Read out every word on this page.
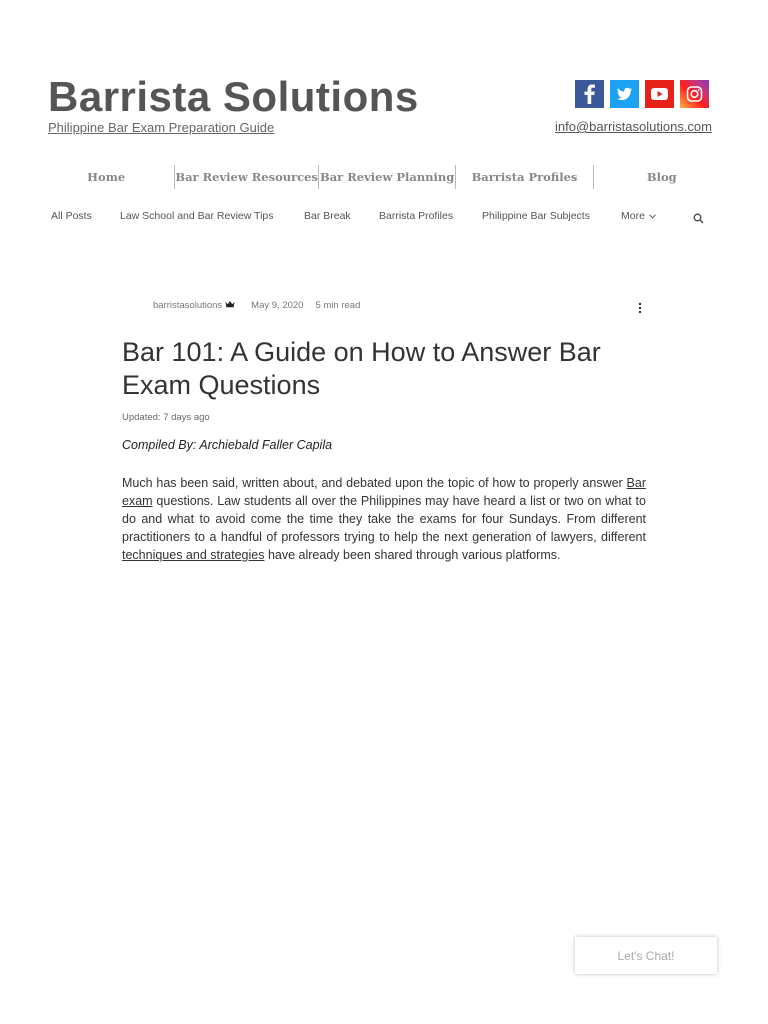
Barrista Solutions
Philippine Bar Exam Preparation Guide	info@barristasolutions.com
Home	Bar Review Resources Bar Review Planning	Barrista Profiles	Blog
All Posts	Law School and Bar Review Tips	Bar Break	Barrista Profiles	Philippine Bar Subjects	More
barristasolutions	May 9, 2020 5 min read
Bar 101: A Guide on How to Answer Bar Exam Questions
Updated: 7 days ago
Compiled By: Archiebald Faller Capila
Much has been said, written about, and debated upon the topic of how to properly answer Bar exam questions. Law students all over the Philippines may have heard a list or two on what to do and what to avoid come the time they take the exams for four Sundays. From different practitioners to a handful of professors trying to help the next generation of lawyers, different techniques and strategies have already been shared through various platforms.
Let's Chat!
